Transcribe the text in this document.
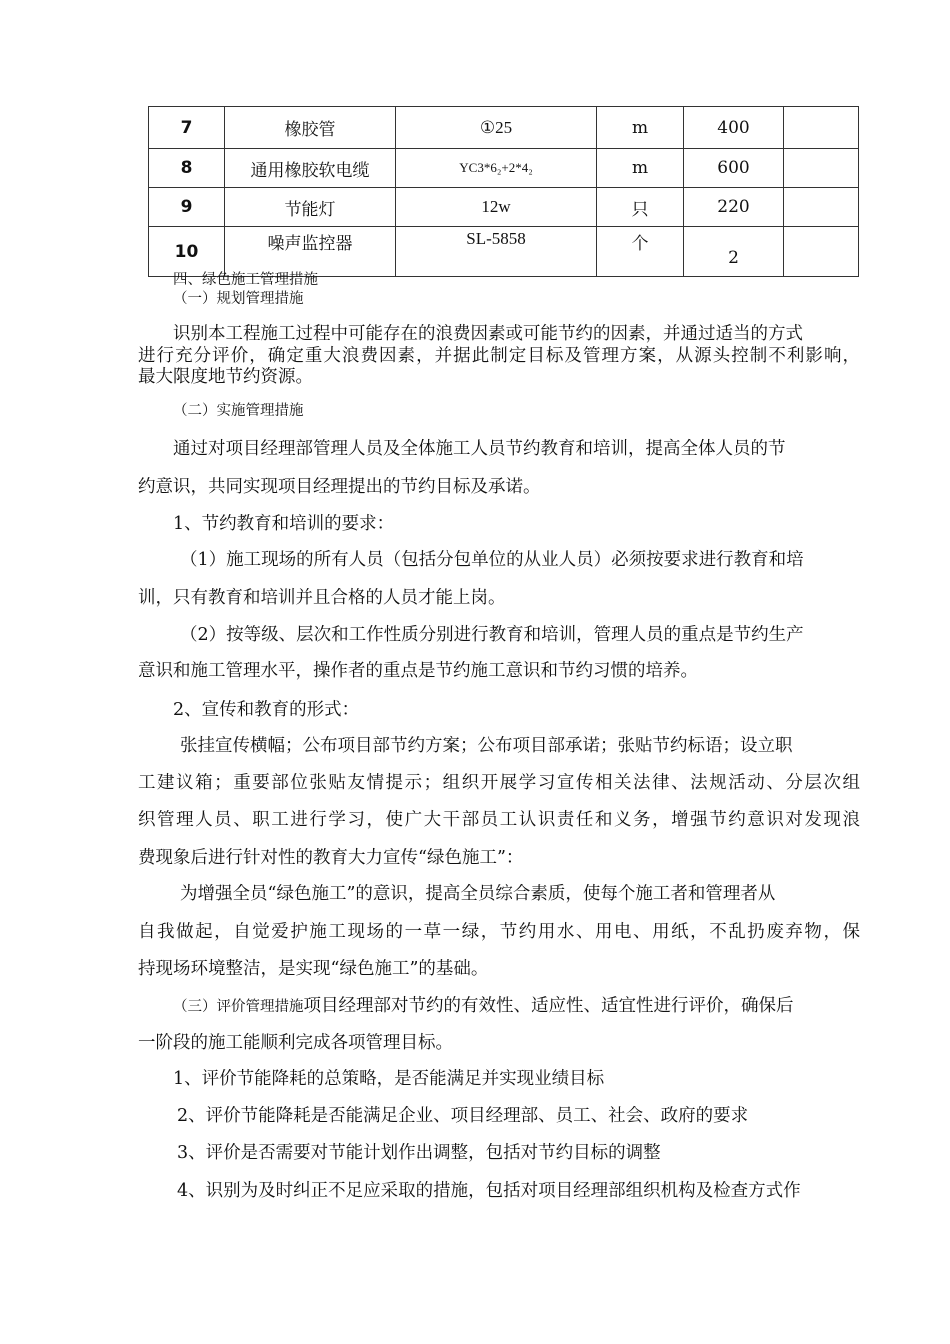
7	橡胶管	①25	m	400	
8	通用橡胶软电缆	YC3*6₂+2*4₂	m	600	
9	节能灯	12w	只	220	
10	噪声监控器	SL-5858	个	2	
四、绿色施工管理措施
（一）规划管理措施
识别本工程施工过程中可能存在的浪费因素或可能节约的因素，并通过适当的方式
进行充分评价，确定重大浪费因素，并据此制定目标及管理方案，从源头控制不利影响，
最大限度地节约资源。
（二）实施管理措施
通过对项目经理部管理人员及全体施工人员节约教育和培训，提高全体人员的节
约意识，共同实现项目经理提出的节约目标及承诺。
1、节约教育和培训的要求：
（1）施工现场的所有人员（包括分包单位的从业人员）必须按要求进行教育和培
训，只有教育和培训并且合格的人员才能上岗。
（2）按等级、层次和工作性质分别进行教育和培训，管理人员的重点是节约生产
意识和施工管理水平，操作者的重点是节约施工意识和节约习惯的培养。
2、宣传和教育的形式：
张挂宣传横幅；公布项目部节约方案；公布项目部承诺；张贴节约标语；设立职
工建议箱；重要部位张贴友情提示；组织开展学习宣传相关法律、法规活动、分层次组
织管理人员、职工进行学习，使广大干部员工认识责任和义务，增强节约意识对发现浪
费现象后进行针对性的教育大力宣传“绿色施工”：
为增强全员“绿色施工”的意识，提高全员综合素质，使每个施工者和管理者从
自我做起，自觉爱护施工现场的一草一绿，节约用水、用电、用纸，不乱扔废弃物，保
持现场环境整洁，是实现“绿色施工”的基础。
（三）评价管理措施项目经理部对节约的有效性、适应性、适宜性进行评价，确保后
一阶段的施工能顺利完成各项管理目标。
1、评价节能降耗的总策略，是否能满足并实现业绩目标
2、评价节能降耗是否能满足企业、项目经理部、员工、社会、政府的要求
3、评价是否需要对节能计划作出调整，包括对节约目标的调整
4、识别为及时纠正不足应采取的措施，包括对项目经理部组织机构及检查方式作
